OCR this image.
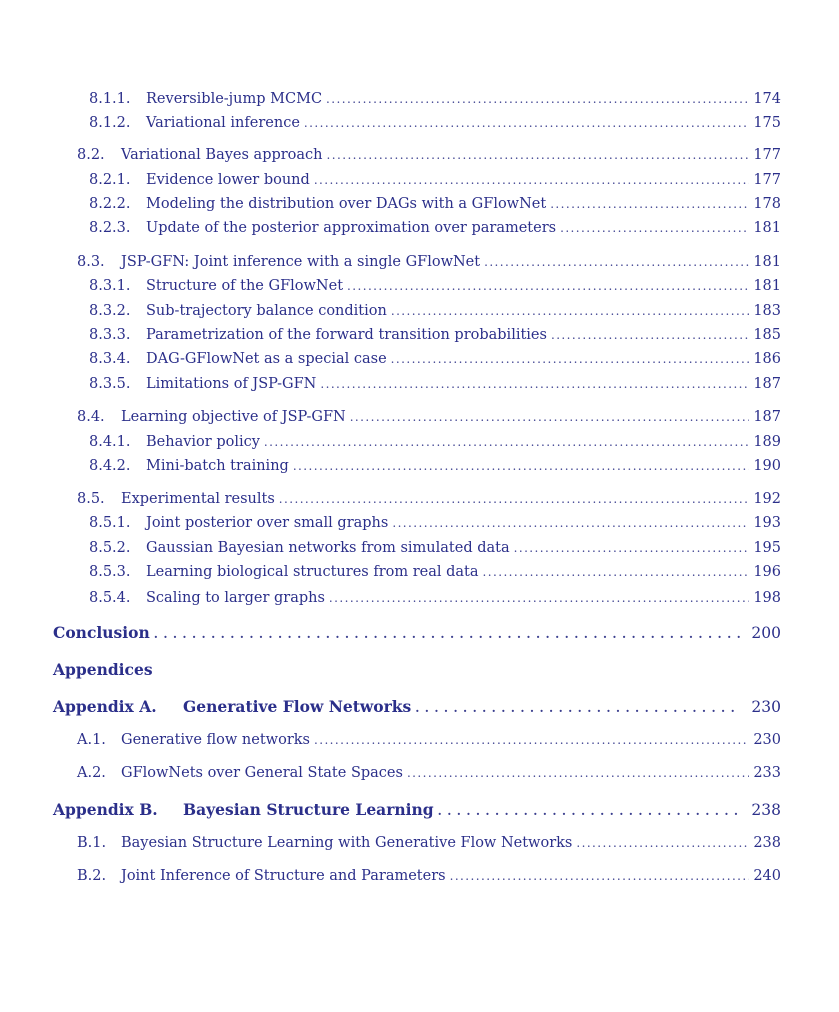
8.1.1.	Reversible-jump MCMC . . .	174
8.1.2.	Variational inference . . .	175
8.2.	Variational Bayes approach . . .	177
8.2.1.	Evidence lower bound . . .	177
8.2.2.	Modeling the distribution over DAGs with a GFlowNet . . .	178
8.2.3.	Update of the posterior approximation over parameters . . .	181
8.3.	JSP-GFN: Joint inference with a single GFlowNet . . .	181
8.3.1.	Structure of the GFlowNet . . .	181
8.3.2.	Sub-trajectory balance condition . . .	183
8.3.3.	Parametrization of the forward transition probabilities . . .	185
8.3.4.	DAG-GFlowNet as a special case . . .	186
8.3.5.	Limitations of JSP-GFN . . .	187
8.4.	Learning objective of JSP-GFN . . .	187
8.4.1.	Behavior policy . . .	189
8.4.2.	Mini-batch training . . .	190
8.5.	Experimental results . . .	192
8.5.1.	Joint posterior over small graphs . . .	193
8.5.2.	Gaussian Bayesian networks from simulated data . . .	195
8.5.3.	Learning biological structures from real data . . .	196
8.5.4.	Scaling to larger graphs . . .	198
Conclusion . . .	200
Appendices
Appendix A.	Generative Flow Networks . . .	230
A.1.	Generative flow networks . . .	230
A.2.	GFlowNets over General State Spaces . . .	233
Appendix B.	Bayesian Structure Learning . . .	238
B.1.	Bayesian Structure Learning with Generative Flow Networks . . .	238
B.2.	Joint Inference of Structure and Parameters . . .	240
